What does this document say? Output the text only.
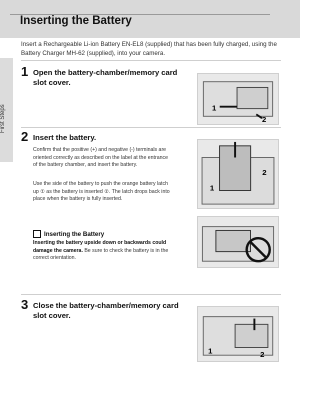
Inserting the Battery
First Steps
Insert a Rechargeable Li-ion Battery EN-EL8 (supplied) that has been fully charged, using the Battery Charger MH-62 (supplied), into your camera.
1 Open the battery-chamber/memory card slot cover.
1
2
2 Insert the battery.
Confirm that the positive (+) and negative (-) terminals are oriented correctly as described on the label at the entrance of the battery chamber, and insert the battery.
Use the side of the battery to push the orange battery latch up ① as the battery is inserted ②. The latch drops back into place when the battery is fully inserted.
1
2
Inserting the Battery
Inserting the battery upside down or backwards could damage the camera. Be sure to check the battery is in the correct orientation.
3 Close the battery-chamber/memory card slot cover.
1	2
